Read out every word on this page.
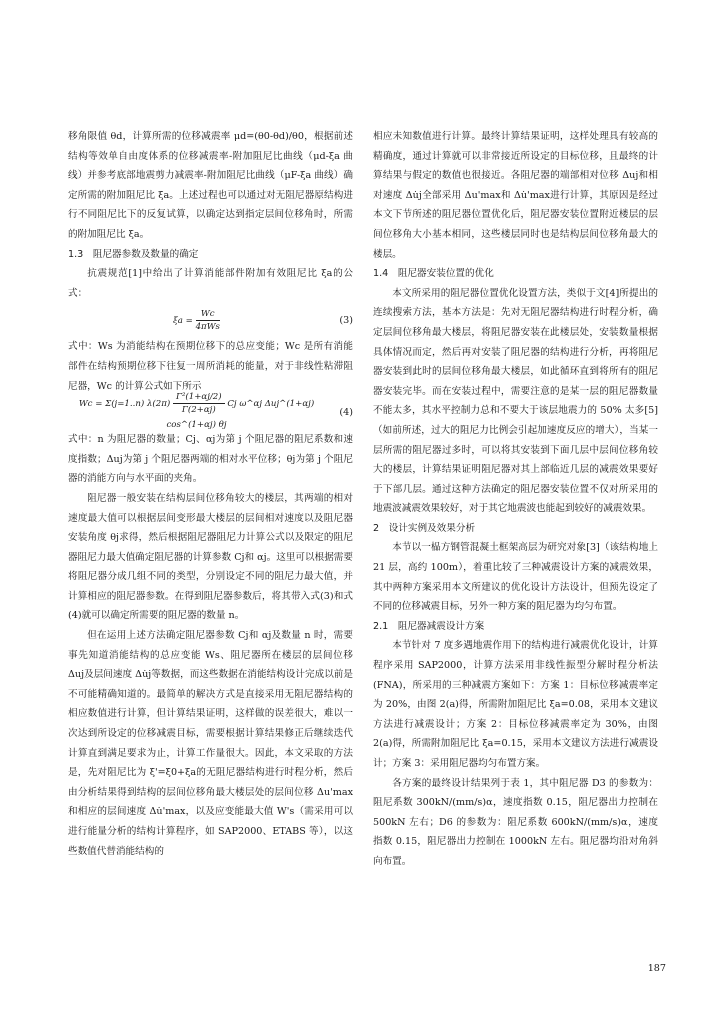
移角限值 θd，计算所需的位移减震率 μd=(θ0-θd)/θ0，根据前述结构等效单自由度体系的位移减震率-附加阻尼比曲线（μd-ξa 曲线）并参考底部地震剪力减震率-附加阻尼比曲线（μF-ξa 曲线）确定所需的附加阻尼比 ξa。上述过程也可以通过对无阻尼器原结构进行不同阻尼比下的反复试算，以确定达到指定层间位移角时，所需的附加阻尼比 ξa。

1.3　阻尼器参数及数量的确定

抗震规范[1]中给出了计算消能部件附加有效阻尼比 ξa的公式：

$\xi a = \frac{Wc}{\text{4πWs}}$	(3)

式中：Ws 为消能结构在预期位移下的总应变能；Wc 是所有消能部件在结构预期位移下往复一周所消耗的能量，对于非线性粘滞阻尼器，Wc 的计算公式如下所示

Wc = Σ(j=1..n) $\lambda(2\pi) \frac{\text{Γ²(1+αj/2)}}{\Gamma(2+\alpha j)}$ Cj ω^αj Δuj^(1+αj) cos^(1+αj) θj
(4)

式中：n 为阻尼器的数量；Cj、αj为第 j 个阻尼器的阻尼系数和速度指数；Δuj为第 j 个阻尼器两端的相对水平位移；θj为第 j 个阻尼器的消能方向与水平面的夹角。

阻尼器一般安装在结构层间位移角较大的楼层，其两端的相对速度最大值可以根据层间变形最大楼层的层间相对速度以及阻尼器安装角度 θj求得，然后根据阻尼器阻尼力计算公式以及限定的阻尼器阻尼力最大值确定阻尼器的计算参数 Cj和 αj。这里可以根据需要将阻尼器分成几组不同的类型，分别设定不同的阻尼力最大值，并计算相应的阻尼器参数。在得到阻尼器参数后，将其带入式(3)和式(4)就可以确定所需要的阻尼器的数量 n。

但在运用上述方法确定阻尼器参数 Cj和 αj及数量 n 时，需要事先知道消能结构的总应变能 Ws、阻尼器所在楼层的层间位移 Δuj及层间速度 Δu̇j等数据，而这些数据在消能结构设计完成以前是不可能精确知道的。最简单的解决方式是直接采用无阻尼器结构的相应数值进行计算，但计算结果证明，这样做的误差很大，难以一次达到所设定的位移减震目标，需要根据计算结果修正后继续迭代计算直到满足要求为止，计算工作量很大。因此，本文采取的方法是，先对阻尼比为 ξ'=ξ0+ξa的无阻尼器结构进行时程分析，然后由分析结果得到结构的层间位移角最大楼层处的层间位移 Δu'max和相应的层间速度 Δu̇'max，以及应变能最大值 W's（需采用可以进行能量分析的结构计算程序，如 SAP2000、ETABS 等），以这些数值代替消能结构的

相应未知数值进行计算。最终计算结果证明，这样处理具有较高的精确度，通过计算就可以非常接近所设定的目标位移，且最终的计算结果与假定的数值也很接近。各阻尼器的端部相对位移 Δuj和相对速度 Δu̇j全部采用 Δu'max和 Δu̇'max进行计算，其原因是经过本文下节所述的阻尼器位置优化后，阻尼器安装位置附近楼层的层间位移角大小基本相同，这些楼层同时也是结构层间位移角最大的楼层。

1.4　阻尼器安装位置的优化

本文所采用的阻尼器位置优化设置方法，类似于文[4]所提出的连续搜索方法，基本方法是：先对无阻尼器结构进行时程分析，确定层间位移角最大楼层，将阻尼器安装在此楼层处，安装数量根据具体情况而定，然后再对安装了阻尼器的结构进行分析，再将阻尼器安装到此时的层间位移角最大楼层，如此循环直到将所有的阻尼器安装完毕。而在安装过程中，需要注意的是某一层的阻尼器数量不能太多，其水平控制力总和不要大于该层地震力的 50% 太多[5]（如前所述，过大的阻尼力比例会引起加速度反应的增大），当某一层所需的阻尼器过多时，可以将其安装到下面几层中层间位移角较大的楼层，计算结果证明阻尼器对其上部临近几层的减震效果要好于下部几层。通过这种方法确定的阻尼器安装位置不仅对所采用的地震波减震效果较好，对于其它地震波也能起到较好的减震效果。

2　设计实例及效果分析

本节以一榀方钢管混凝土框架高层为研究对象[3]（该结构地上 21 层，高约 100m），着重比较了三种减震设计方案的减震效果，其中两种方案采用本文所建议的优化设计方法设计，但预先设定了不同的位移减震目标，另外一种方案的阻尼器为均匀布置。

2.1　阻尼器减震设计方案

本节针对 7 度多遇地震作用下的结构进行减震优化设计，计算程序采用 SAP2000，计算方法采用非线性振型分解时程分析法(FNA)，所采用的三种减震方案如下：方案 1：目标位移减震率定为 20%，由图 2(a)得，所需附加阻尼比 ξa=0.08，采用本文建议方法进行减震设计；方案 2：目标位移减震率定为 30%，由图 2(a)得，所需附加阻尼比 ξa=0.15，采用本文建议方法进行减震设计；方案 3：采用阻尼器均匀布置方案。

各方案的最终设计结果列于表 1，其中阻尼器 D3 的参数为：阻尼系数 300kN/(mm/s)α，速度指数 0.15，阻尼器出力控制在 500kN 左右；D6 的参数为：阻尼系数 600kN/(mm/s)α，速度指数 0.15，阻尼器出力控制在 1000kN 左右。阻尼器均沿对角斜向布置。

187
